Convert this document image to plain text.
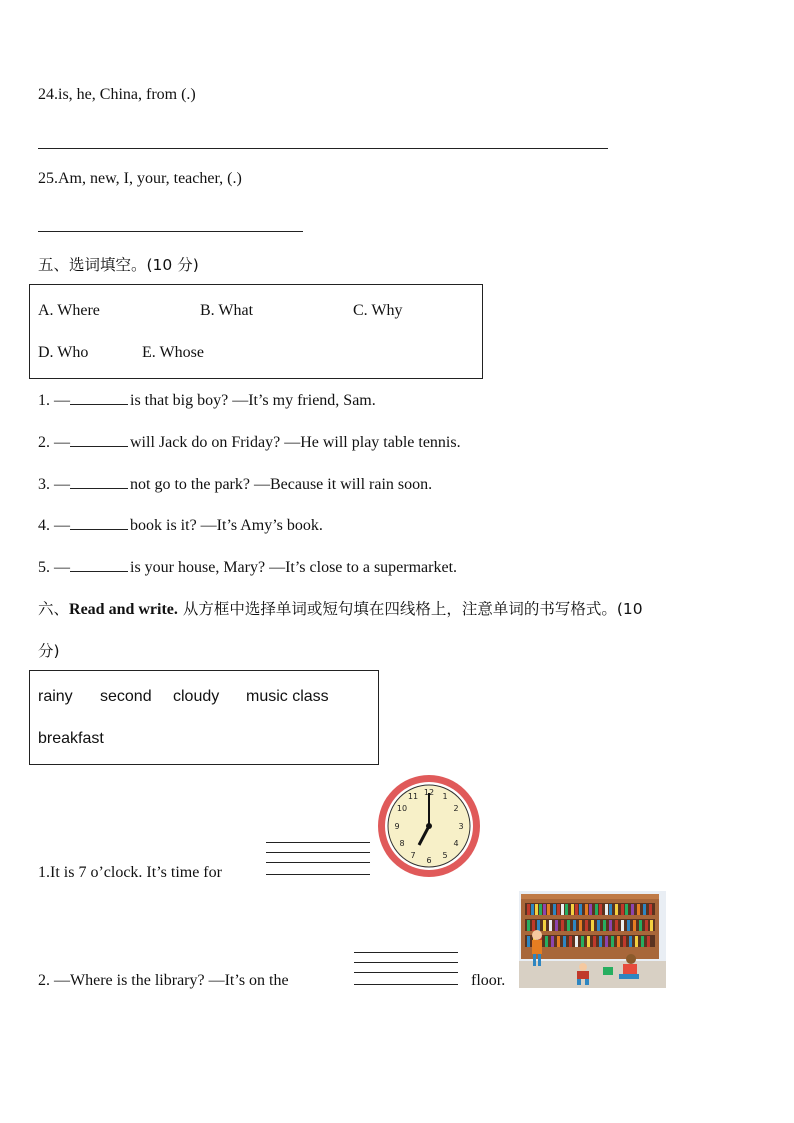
24.is, he, China, from (.)
25.Am, new, I, your, teacher, (.)
五、选词填空。(10 分)
A. Where	B. What	C. Why
D. Who	E. Whose
1. —	is that big boy? —It’s my friend, Sam.
2. —	will Jack do on Friday? —He will play table tennis.
3. —	not go to the park? —Because it will rain soon.
4. —	book is it? —It’s Amy’s book.
5. —	is your house, Mary? —It’s close to a supermarket.
六、Read and write. 从方框中选择单词或短句填在四线格上，注意单词的书写格式。(10
分)
rainy second cloudy music class
breakfast
1.It is 7 o’clock. It’s time for
12 1
2
3
4
5
6
7
8
9
10
11
2. —Where is the library? —It’s on the	floor.
